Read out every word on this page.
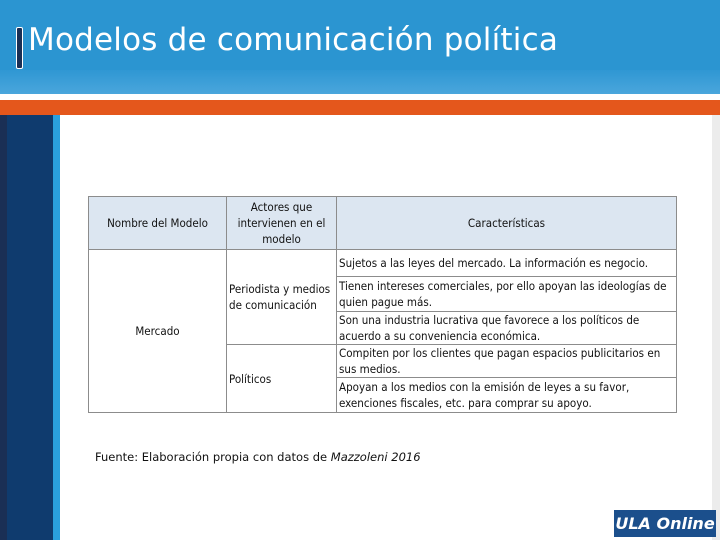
Modelos de comunicación política
Nombre del Modelo	Actores que intervienen en el modelo	Características
Mercado	Periodista y medios de comunicación	Sujetos a las leyes del mercado. La información es negocio.
		Tienen intereses comerciales, por ello apoyan las ideologías de quien pague más.
		Son una industria lucrativa que favorece a los políticos de acuerdo a su conveniencia económica.
	Políticos	Compiten por los clientes que pagan espacios publicitarios en sus medios.
		Apoyan a los medios con la emisión de leyes a su favor, exenciones fiscales, etc. para comprar su apoyo.

Fuente: Elaboración propia con datos de Mazzoleni 2016

ULA Online
